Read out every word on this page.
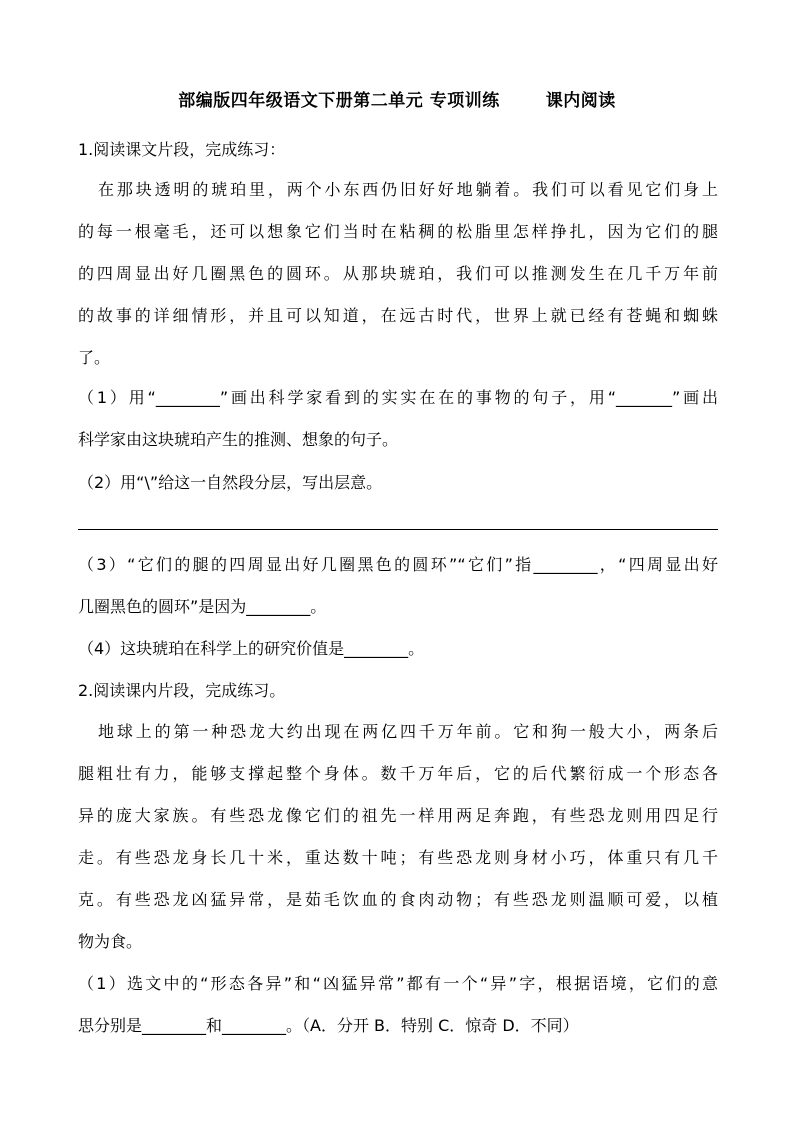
部编版四年级语文下册第二单元 专项训练	课内阅读
1.阅读课文片段，完成练习：
在那块透明的琥珀里，两个小东西仍旧好好地躺着。我们可以看见它们身上
的每一根毫毛，还可以想象它们当时在粘稠的松脂里怎样挣扎，因为它们的腿
的四周显出好几圈黑色的圆环。从那块琥珀，我们可以推测发生在几千万年前
的故事的详细情形，并且可以知道，在远古时代，世界上就已经有苍蝇和蜘蛛
了。
（1）用“________”画出科学家看到的实实在在的事物的句子，用“_______”画出
科学家由这块琥珀产生的推测、想象的句子。
（2）用“\”给这一自然段分层，写出层意。
（3）“它们的腿的四周显出好几圈黑色的圆环”“它们”指________，“四周显出好
几圈黑色的圆环”是因为________。
（4）这块琥珀在科学上的研究价值是________。
2.阅读课内片段，完成练习。
地球上的第一种恐龙大约出现在两亿四千万年前。它和狗一般大小，两条后
腿粗壮有力，能够支撑起整个身体。数千万年后，它的后代繁衍成一个形态各
异的庞大家族。有些恐龙像它们的祖先一样用两足奔跑，有些恐龙则用四足行
走。有些恐龙身长几十米，重达数十吨；有些恐龙则身材小巧，体重只有几千
克。有些恐龙凶猛异常，是茹毛饮血的食肉动物；有些恐龙则温顺可爱，以植
物为食。
（1）选文中的“形态各异”和“凶猛异常”都有一个“异”字，根据语境，它们的意
思分别是________和________。（A．分开 B．特别 C．惊奇 D．不同）
